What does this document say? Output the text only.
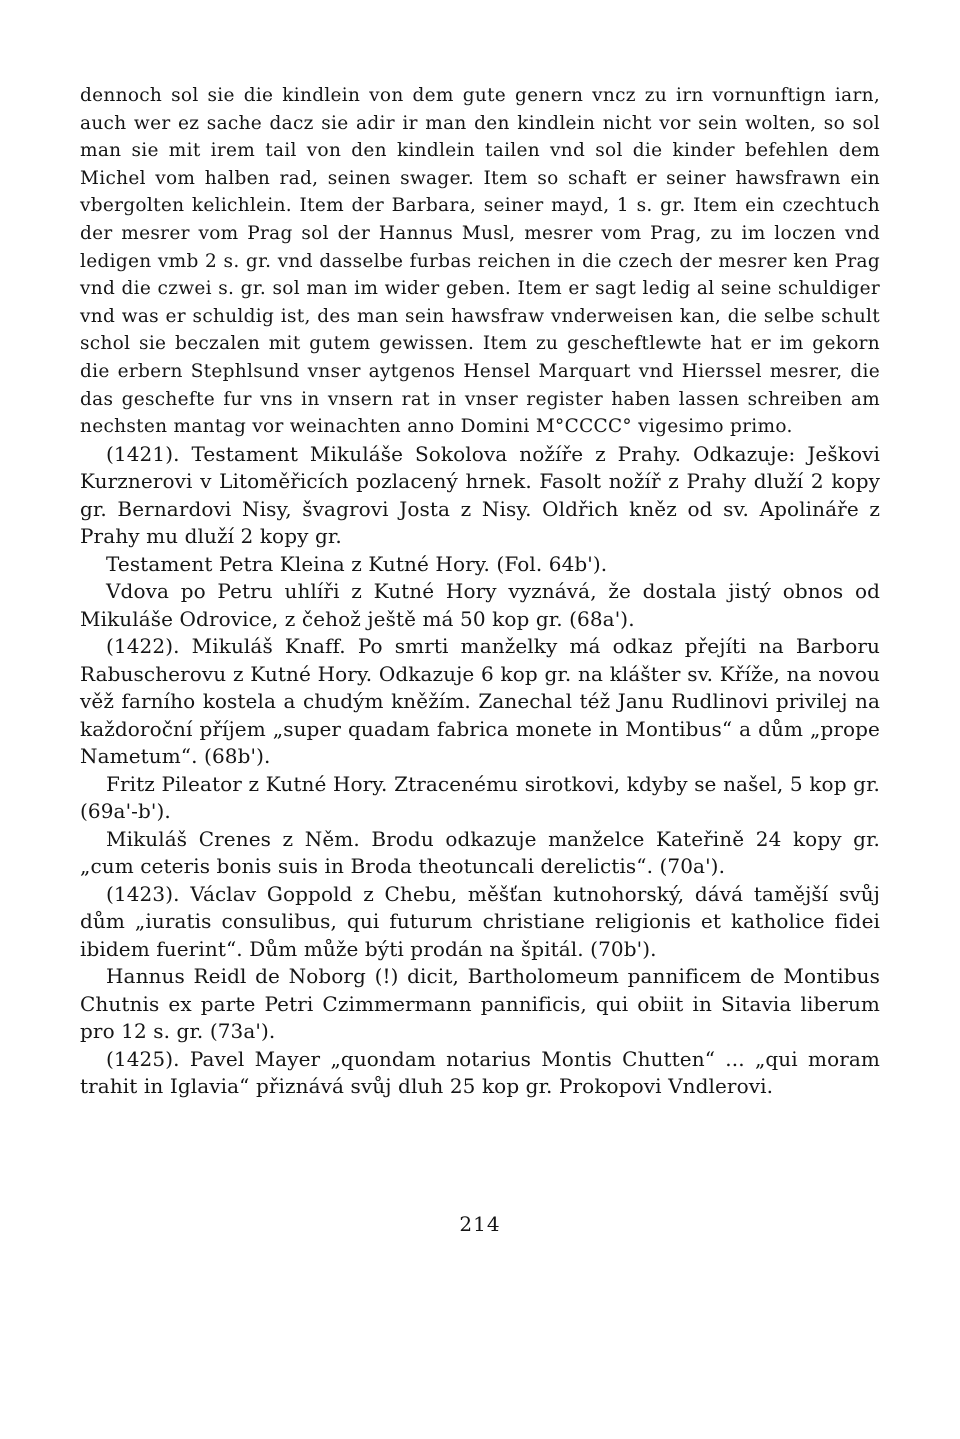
dennoch sol sie die kindlein von dem gute genern vncz zu irn vornunftign iarn, auch wer ez sache dacz sie adir ir man den kindlein nicht vor sein wolten, so sol man sie mit irem tail von den kindlein tailen vnd sol die kinder befehlen dem Michel vom halben rad, seinen swager. Item so schaft er seiner hawsfrawn ein vbergolten kelichlein. Item der Barbara, seiner mayd, 1 s. gr. Item ein czechtuch der mesrer vom Prag sol der Hannus Musl, mesrer vom Prag, zu im loczen vnd ledigen vmb 2 s. gr. vnd dasselbe furbas reichen in die czech der mesrer ken Prag vnd die czwei s. gr. sol man im wider geben. Item er sagt ledig al seine schuldiger vnd was er schuldig ist, des man sein hawsfraw vnderweisen kan, die selbe schult schol sie beczalen mit gutem gewissen. Item zu gescheftlewte hat er im gekorn die erbern Stephlsund vnser aytgenos Hensel Marquart vnd Hierssel mesrer, die das geschefte fur vns in vnsern rat in vnser register haben lassen schreiben am nechsten mantag vor weinachten anno Domini M°CCCC° vigesimo primo.

(1421). Testament Mikuláše Sokolova nožíře z Prahy. Odkazuje: Ješkovi Kurznerovi v Litoměřicích pozlacený hrnek. Fasolt nožíř z Prahy dluží 2 kopy gr. Bernardovi Nisy, švagrovi Josta z Nisy. Oldřich kněz od sv. Apolináře z Prahy mu dluží 2 kopy gr.

Testament Petra Kleina z Kutné Hory. (Fol. 64b').

Vdova po Petru uhlíři z Kutné Hory vyznává, že dostala jistý obnos od Mikuláše Odrovice, z čehož ještě má 50 kop gr. (68a').

(1422). Mikuláš Knaff. Po smrti manželky má odkaz přejíti na Barboru Rabuscherovu z Kutné Hory. Odkazuje 6 kop gr. na klášter sv. Kříže, na novou věž farního kostela a chudým kněžím. Zanechal též Janu Rudlinovi privilej na každoroční příjem „super quadam fabrica monete in Montibus“ a dům „prope Nametum“. (68b').

Fritz Pileator z Kutné Hory. Ztracenému sirotkovi, kdyby se našel, 5 kop gr. (69a'-b').

Mikuláš Crenes z Něm. Brodu odkazuje manželce Kateřině 24 kopy gr. „cum ceteris bonis suis in Broda theotuncali derelictis“. (70a').

(1423). Václav Goppold z Chebu, měšťan kutnohorský, dává tamější svůj dům „iuratis consulibus, qui futurum christiane religionis et katholice fidei ibidem fuerint“. Dům může býti prodán na špitál. (70b').

Hannus Reidl de Noborg (!) dicit, Bartholomeum pannificem de Montibus Chutnis ex parte Petri Czimmermann pannificis, qui obiit in Sitavia liberum pro 12 s. gr. (73a').

(1425). Pavel Mayer „quondam notarius Montis Chutten“ ... „qui moram trahit in Iglavia“ přiznává svůj dluh 25 kop gr. Prokopovi Vndlerovi.

214
